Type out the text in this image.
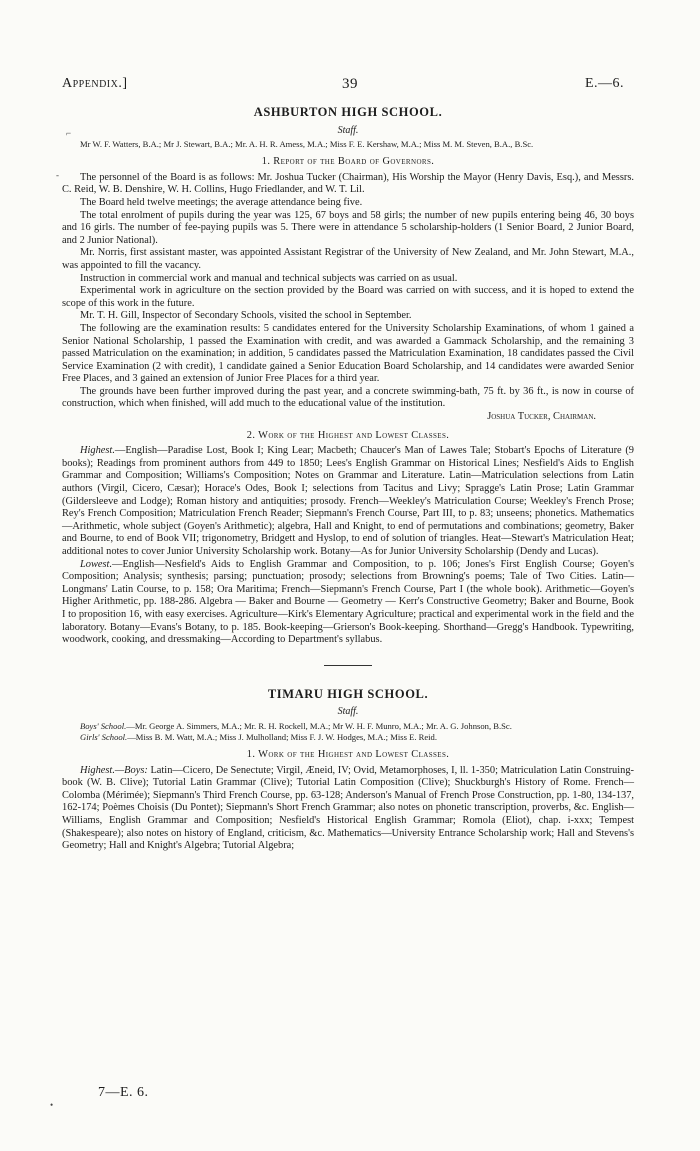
Appendix.]	39	E.—6.
⌐
-
ASHBURTON HIGH SCHOOL.
Staff.

Mr W. F. Watters, B.A.; Mr J. Stewart, B.A.; Mr. A. H. R. Amess, M.A.; Miss F. E. Kershaw, M.A.; Miss M. M. Steven, B.A., B.Sc.

1. Report of the Board of Governors.

The personnel of the Board is as follows: Mr. Joshua Tucker (Chairman), His Worship the Mayor (Henry Davis, Esq.), and Messrs. C. Reid, W. B. Denshire, W. H. Collins, Hugo Friedlander, and W. T. Lil.

The Board held twelve meetings; the average attendance being five.

The total enrolment of pupils during the year was 125, 67 boys and 58 girls; the number of new pupils entering being 46, 30 boys and 16 girls. The number of fee-paying pupils was 5. There were in attendance 5 scholarship-holders (1 Senior Board, 2 Junior Board, and 2 Junior National).

Mr. Norris, first assistant master, was appointed Assistant Registrar of the University of New Zealand, and Mr. John Stewart, M.A., was appointed to fill the vacancy.

Instruction in commercial work and manual and technical subjects was carried on as usual.

Experimental work in agriculture on the section provided by the Board was carried on with success, and it is hoped to extend the scope of this work in the future.

Mr. T. H. Gill, Inspector of Secondary Schools, visited the school in September.

The following are the examination results: 5 candidates entered for the University Scholarship Examinations, of whom 1 gained a Senior National Scholarship, 1 passed the Examination with credit, and was awarded a Gammack Scholarship, and the remaining 3 passed Matriculation on the examination; in addition, 5 candidates passed the Matriculation Examination, 18 candidates passed the Civil Service Examination (2 with credit), 1 candidate gained a Senior Education Board Scholarship, and 14 candidates were awarded Senior Free Places, and 3 gained an extension of Junior Free Places for a third year.

The grounds have been further improved during the past year, and a concrete swimming-bath, 75 ft. by 36 ft., is now in course of construction, which when finished, will add much to the educational value of the institution.

Joshua Tucker, Chairman.
2. Work of the Highest and Lowest Classes.

Highest.—English—Paradise Lost, Book I; King Lear; Macbeth; Chaucer's Man of Lawes Tale; Stobart's Epochs of Literature (9 books); Readings from prominent authors from 449 to 1850; Lees's English Grammar on Historical Lines; Nesfield's Aids to English Grammar and Composition; Williams's Composition; Notes on Grammar and Literature. Latin—Matriculation selections from Latin authors (Virgil, Cicero, Cæsar); Horace's Odes, Book I; selections from Tacitus and Livy; Spragge's Latin Prose; Latin Grammar (Gildersleeve and Lodge); Roman history and antiquities; prosody. French—Weekley's Matriculation Course; Weekley's French Prose; Rey's French Composition; Matriculation French Reader; Siepmann's French Course, Part III, to p. 83; unseens; phonetics. Mathematics—Arithmetic, whole subject (Goyen's Arithmetic); algebra, Hall and Knight, to end of permutations and combinations; geometry, Baker and Bourne, to end of Book VII; trigonometry, Bridgett and Hyslop, to end of solution of triangles. Heat—Stewart's Matriculation Heat; additional notes to cover Junior University Scholarship work. Botany—As for Junior University Scholarship (Dendy and Lucas).

Lowest.—English—Nesfield's Aids to English Grammar and Composition, to p. 106; Jones's First English Course; Goyen's Composition; Analysis; synthesis; parsing; punctuation; prosody; selections from Browning's poems; Tale of Two Cities. Latin—Longmans' Latin Course, to p. 158; Ora Maritima; French—Siepmann's French Course, Part I (the whole book). Arithmetic—Goyen's Higher Arithmetic, pp. 188-286. Algebra — Baker and Bourne — Geometry — Kerr's Constructive Geometry; Baker and Bourne, Book I to proposition 16, with easy exercises. Agriculture—Kirk's Elementary Agriculture; practical and experimental work in the field and the laboratory. Botany—Evans's Botany, to p. 185. Book-keeping—Grierson's Book-keeping. Shorthand—Gregg's Handbook. Typewriting, woodwork, cooking, and dressmaking—According to Department's syllabus.

TIMARU HIGH SCHOOL.
Staff.

Boys' School.—Mr. George A. Simmers, M.A.; Mr. R. H. Rockell, M.A.; Mr W. H. F. Munro, M.A.; Mr. A. G. Johnson, B.Sc.

Girls' School.—Miss B. M. Watt, M.A.; Miss J. Mulholland; Miss F. J. W. Hodges, M.A.; Miss E. Reid.

1. Work of the Highest and Lowest Classes.

Highest.—Boys: Latin—Cicero, De Senectute; Virgil, Æneid, IV; Ovid, Metamorphoses, I, ll. 1-350; Matriculation Latin Construing-book (W. B. Clive); Tutorial Latin Grammar (Clive); Tutorial Latin Composition (Clive); Shuckburgh's History of Rome. French—Colomba (Mérimée); Siepmann's Third French Course, pp. 63-128; Anderson's Manual of French Prose Construction, pp. 1-80, 134-137, 162-174; Poèmes Choisis (Du Pontet); Siepmann's Short French Grammar; also notes on phonetic transcription, proverbs, &c. English—Williams, English Grammar and Composition; Nesfield's Historical English Grammar; Romola (Eliot), chap. i-xxx; Tempest (Shakespeare); also notes on history of England, criticism, &c. Mathematics—University Entrance Scholarship work; Hall and Stevens's Geometry; Hall and Knight's Algebra; Tutorial Algebra;

7—E. 6.
•
